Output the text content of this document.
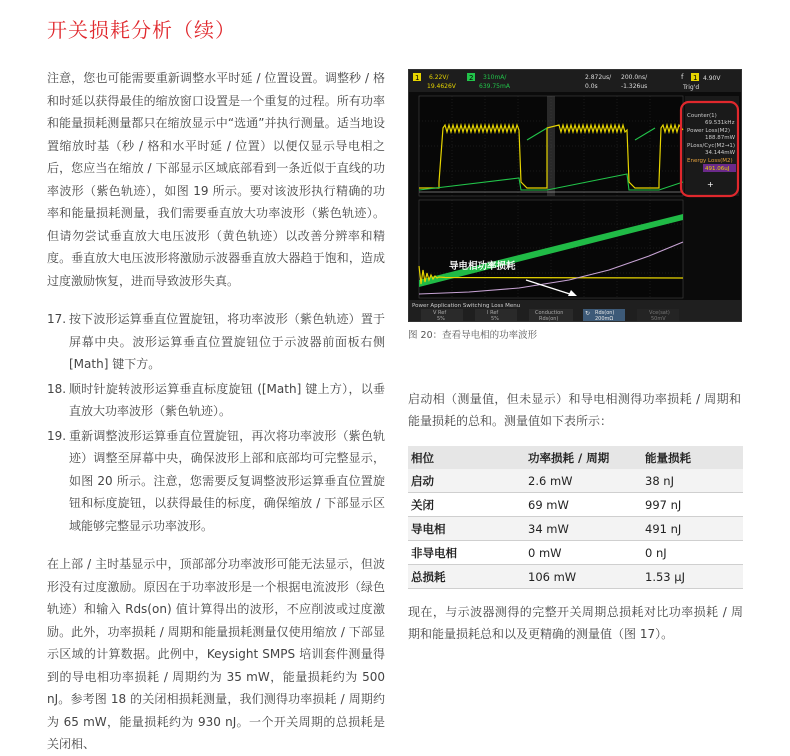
开关损耗分析（续）

注意，您也可能需要重新调整水平时延 / 位置设置。调整秒 / 格和时延以获得最佳的缩放窗口设置是一个重复的过程。所有功率和能量损耗测量都只在缩放显示中“选通”并执行测量。适当地设置缩放时基（秒 / 格和水平时延 / 位置）以便仅显示导电相之后，您应当在缩放 / 下部显示区域底部看到一条近似于直线的功率波形（紫色轨迹），如图 19 所示。要对该波形执行精确的功率和能量损耗测量，我们需要垂直放大功率波形（紫色轨迹）。但请勿尝试垂直放大电压波形（黄色轨迹）以改善分辨率和精度。垂直放大电压波形将激励示波器垂直放大器趋于饱和，造成过度激励恢复，进而导致波形失真。

17. 按下波形运算垂直位置旋钮，将功率波形（紫色轨迹）置于屏幕中央。波形运算垂直位置旋钮位于示波器前面板右侧 [Math] 键下方。
18. 顺时针旋转波形运算垂直标度旋钮 ([Math] 键上方），以垂直放大功率波形（紫色轨迹）。
19. 重新调整波形运算垂直位置旋钮，再次将功率波形（紫色轨迹）调整至屏幕中央，确保波形上部和底部均可完整显示，如图 20 所示。注意，您需要反复调整波形运算垂直位置旋钮和标度旋钮，以获得最佳的标度，确保缩放 / 下部显示区域能够完整显示功率波形。

在上部 / 主时基显示中，顶部部分功率波形可能无法显示，但波形没有过度激励。原因在于功率波形是一个根据电流波形（绿色轨迹）和输入 Rds(on) 值计算得出的波形，不应削波或过度激励。此外，功率损耗 / 周期和能量损耗测量仅使用缩放 / 下部显示区域的计算数据。此例中，Keysight SMPS 培训套件测量得到的导电相功率损耗 / 周期约为 35 mW，能量损耗约为 500 nJ。参考图 18 的关闭相损耗测量，我们测得功率损耗 / 周期约为 65 mW，能量损耗约为 930 nJ。一个开关周期的总损耗是关闭相、

1 6.22V/
19.4626V
2 310mA/
639.75mA
2.872us/
0.0s
200.0ns/
-1.326us
f 1 4.90V
Trig'd
Counter(1)
69.531kHz
Power Loss(M2)
188.87mW
PLoss/Cyc(M2→1)
34.144mW
Energy Loss(M2)
491.06uJ
+
导电相功率损耗
Power Application Switching Loss Menu
V Ref
5%
I Ref
5%
Conduction
Rds(on)
Rds(on)
200mΩ
↻	Vce(sat)
50mV
图 20：查看导电相的功率波形

启动相（测量值，但未显示）和导电相测得功率损耗 / 周期和能量损耗的总和。测量值如下表所示：

相位	功率损耗 / 周期	能量损耗
启动	2.6 mW	38 nJ
关闭	69 mW	997 nJ
导电相	34 mW	491 nJ
非导电相	0 mW	0 nJ
总损耗	106 mW	1.53 μJ

现在，与示波器测得的完整开关周期总损耗对比功率损耗 / 周期和能量损耗总和以及更精确的测量值（图 17）。
